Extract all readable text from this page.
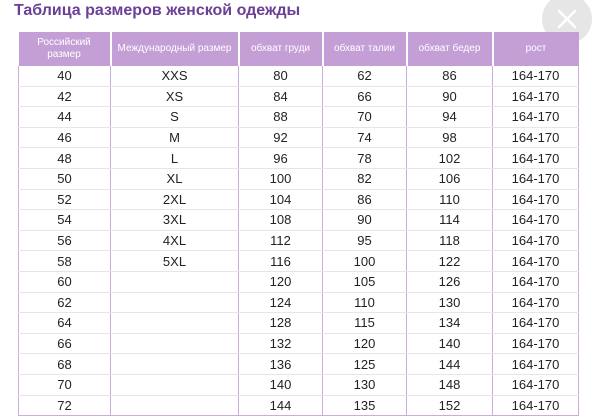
Таблица размеров женской одежды
Российский размер	Международный размер	обхват груди	обхват талии	обхват бедер	рост
40	XXS	80	62	86	164-170
42	XS	84	66	90	164-170
44	S	88	70	94	164-170
46	M	92	74	98	164-170
48	L	96	78	102	164-170
50	XL	100	82	106	164-170
52	2XL	104	86	110	164-170
54	3XL	108	90	114	164-170
56	4XL	112	95	118	164-170
58	5XL	116	100	122	164-170
60		120	105	126	164-170
62		124	110	130	164-170
64		128	115	134	164-170
66		132	120	140	164-170
68		136	125	144	164-170
70		140	130	148	164-170
72		144	135	152	164-170
